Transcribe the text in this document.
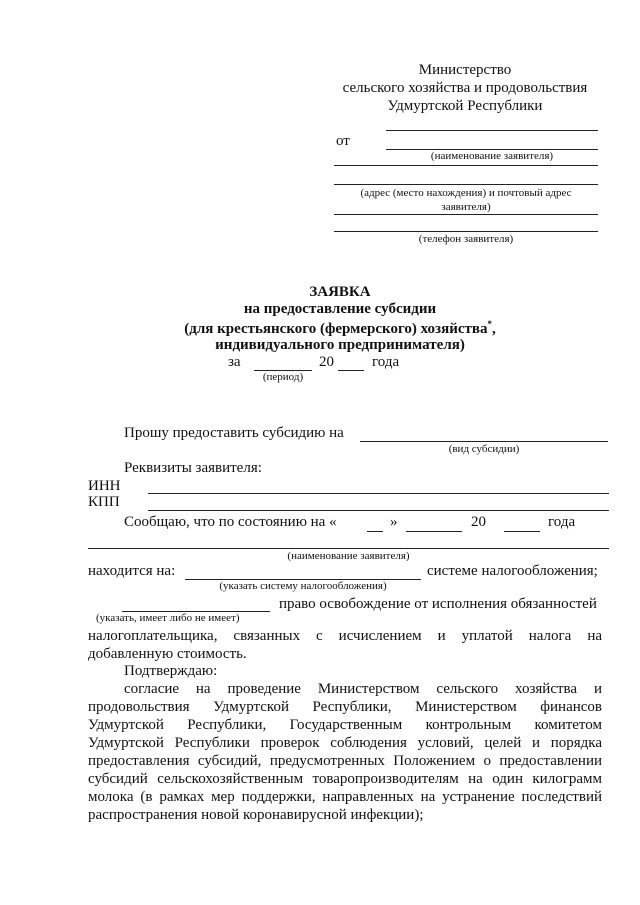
Министерство
сельского хозяйства и продовольствия
Удмуртской Республики
от
(наименование заявителя)
(адрес (место нахождения) и почтовый адрес
заявителя)
(телефон заявителя)
ЗАЯВКА
на предоставление субсидии
(для крестьянского (фермерского) хозяйства*,
индивидуального предпринимателя)
за	20	года
(период)
Прошу предоставить субсидию на
(вид субсидии)
Реквизиты заявителя:
ИНН
КПП
Сообщаю, что по состоянию на «	»	20	года
(наименование заявителя)
находится на:	системе налогообложения;
(указать систему налогообложения)
право освобождение от исполнения обязанностей
(указать, имеет либо не имеет)
налогоплательщика, связанных с исчислением и уплатой налога на
добавленную стоимость.
Подтверждаю:
согласие на проведение Министерством сельского хозяйства и
продовольствия Удмуртской Республики, Министерством финансов
Удмуртской Республики, Государственным контрольным комитетом
Удмуртской Республики проверок соблюдения условий, целей и порядка
предоставления субсидий, предусмотренных Положением о предоставлении
субсидий сельскохозяйственным товаропроизводителям на один килограмм
молока (в рамках мер поддержки, направленных на устранение последствий
распространения новой коронавирусной инфекции);
